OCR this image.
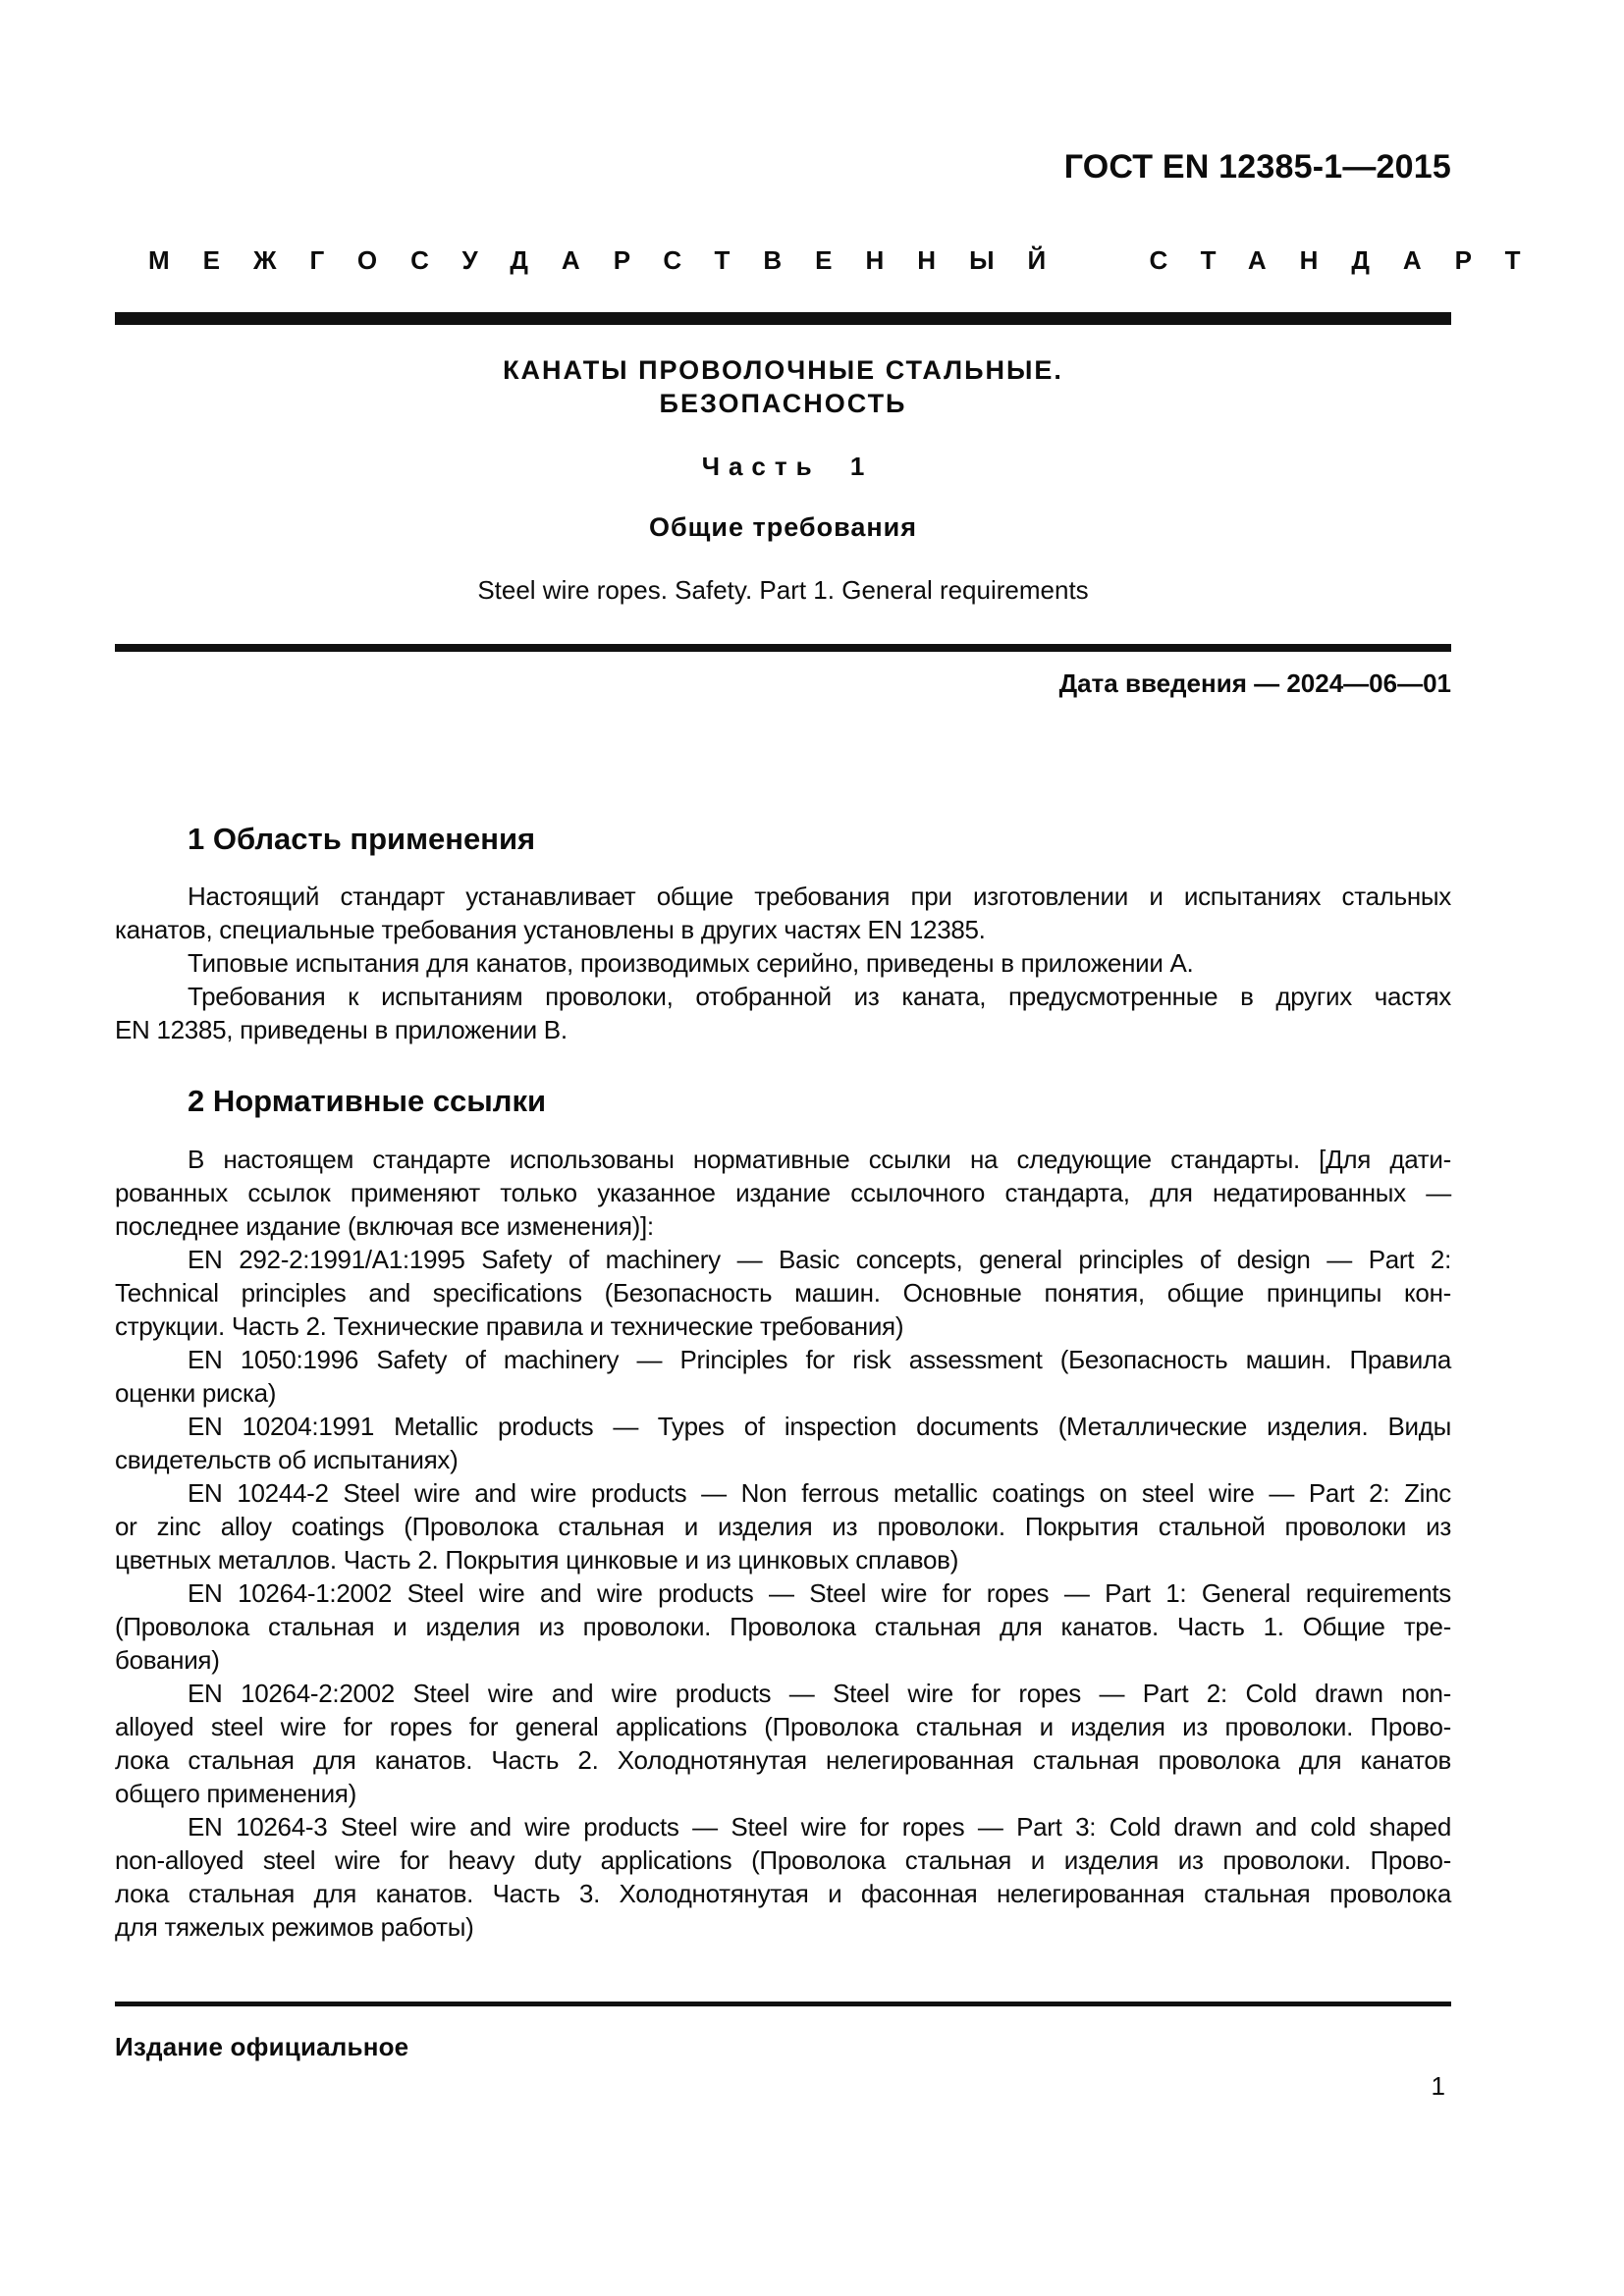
ГОСТ EN 12385-1—2015
МЕЖГОСУДАРСТВЕННЫЙ СТАНДАРТ
КАНАТЫ ПРОВОЛОЧНЫЕ СТАЛЬНЫЕ.
БЕЗОПАСНОСТЬ
Часть 1
Общие требования
Steel wire ropes. Safety. Part 1. General requirements
Дата введения — 2024—06—01
1 Область применения
Настоящий стандарт устанавливает общие требования при изготовлении и испытаниях стальных
канатов, специальные требования установлены в других частях EN 12385.
Типовые испытания для канатов, производимых серийно, приведены в приложении А.
Требования к испытаниям проволоки, отобранной из каната, предусмотренные в других частях
EN 12385, приведены в приложении В.
2 Нормативные ссылки
В настоящем стандарте использованы нормативные ссылки на следующие стандарты. [Для дати-
рованных ссылок применяют только указанное издание ссылочного стандарта, для недатированных —
последнее издание (включая все изменения)]:
EN 292-2:1991/A1:1995 Safety of machinery — Basic concepts, general principles of design — Part 2:
Technical principles and specifications (Безопасность машин. Основные понятия, общие принципы кон-
струкции. Часть 2. Технические правила и технические требования)
EN 1050:1996 Safety of machinery — Principles for risk assessment (Безопасность машин. Правила
оценки риска)
EN 10204:1991 Metallic products — Types of inspection documents (Металлические изделия. Виды
свидетельств об испытаниях)
EN 10244-2 Steel wire and wire products — Non ferrous metallic coatings on steel wire — Part 2: Zinc
or zinc alloy coatings (Проволока стальная и изделия из проволоки. Покрытия стальной проволоки из
цветных металлов. Часть 2. Покрытия цинковые и из цинковых сплавов)
EN 10264-1:2002 Steel wire and wire products — Steel wire for ropes — Part 1: General requirements
(Проволока стальная и изделия из проволоки. Проволока стальная для канатов. Часть 1. Общие тре-
бования)
EN 10264-2:2002 Steel wire and wire products — Steel wire for ropes — Part 2: Cold drawn non-
alloyed steel wire for ropes for general applications (Проволока стальная и изделия из проволоки. Прово-
лока стальная для канатов. Часть 2. Холоднотянутая нелегированная стальная проволока для канатов
общего применения)
EN 10264-3 Steel wire and wire products — Steel wire for ropes — Part 3: Cold drawn and cold shaped
non-alloyed steel wire for heavy duty applications (Проволока стальная и изделия из проволоки. Прово-
лока стальная для канатов. Часть 3. Холоднотянутая и фасонная нелегированная стальная проволока
для тяжелых режимов работы)
Издание официальное
1
